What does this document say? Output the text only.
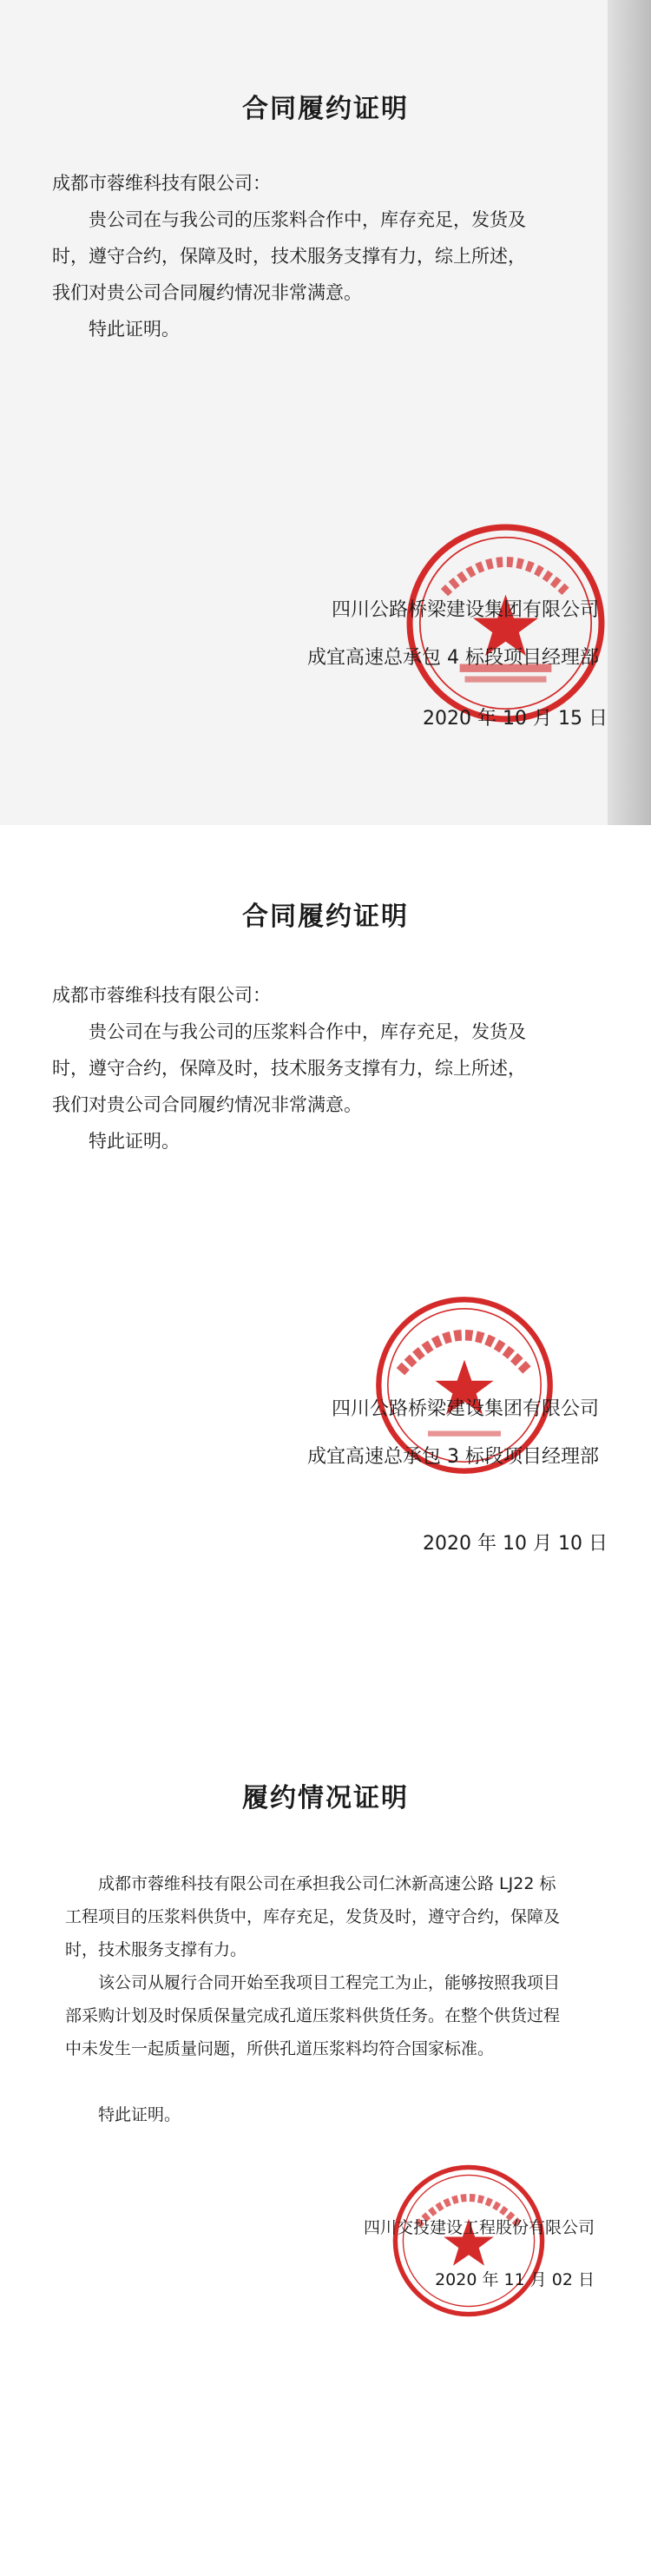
合同履约证明

成都市蓉维科技有限公司：

贵公司在与我公司的压浆料合作中，库存充足，发货及

时，遵守合约，保障及时，技术服务支撑有力，综上所述，

我们对贵公司合同履约情况非常满意。

特此证明。

四川公路桥梁建设集团有限公司
成宜高速总承包 4 标段项目经理部
2020 年 10 月 15 日
合同履约证明

成都市蓉维科技有限公司：

贵公司在与我公司的压浆料合作中，库存充足，发货及

时，遵守合约，保障及时，技术服务支撑有力，综上所述，

我们对贵公司合同履约情况非常满意。

特此证明。

四川公路桥梁建设集团有限公司
成宜高速总承包 3 标段项目经理部
2020 年 10 月 10 日
履约情况证明

成都市蓉维科技有限公司在承担我公司仁沐新高速公路 LJ22 标

工程项目的压浆料供货中，库存充足，发货及时，遵守合约，保障及

时，技术服务支撑有力。

该公司从履行合同开始至我项目工程完工为止，能够按照我项目

部采购计划及时保质保量完成孔道压浆料供货任务。在整个供货过程

中未发生一起质量问题，所供孔道压浆料均符合国家标准。

特此证明。

四川交投建设工程股份有限公司
2020 年 11 月 02 日
